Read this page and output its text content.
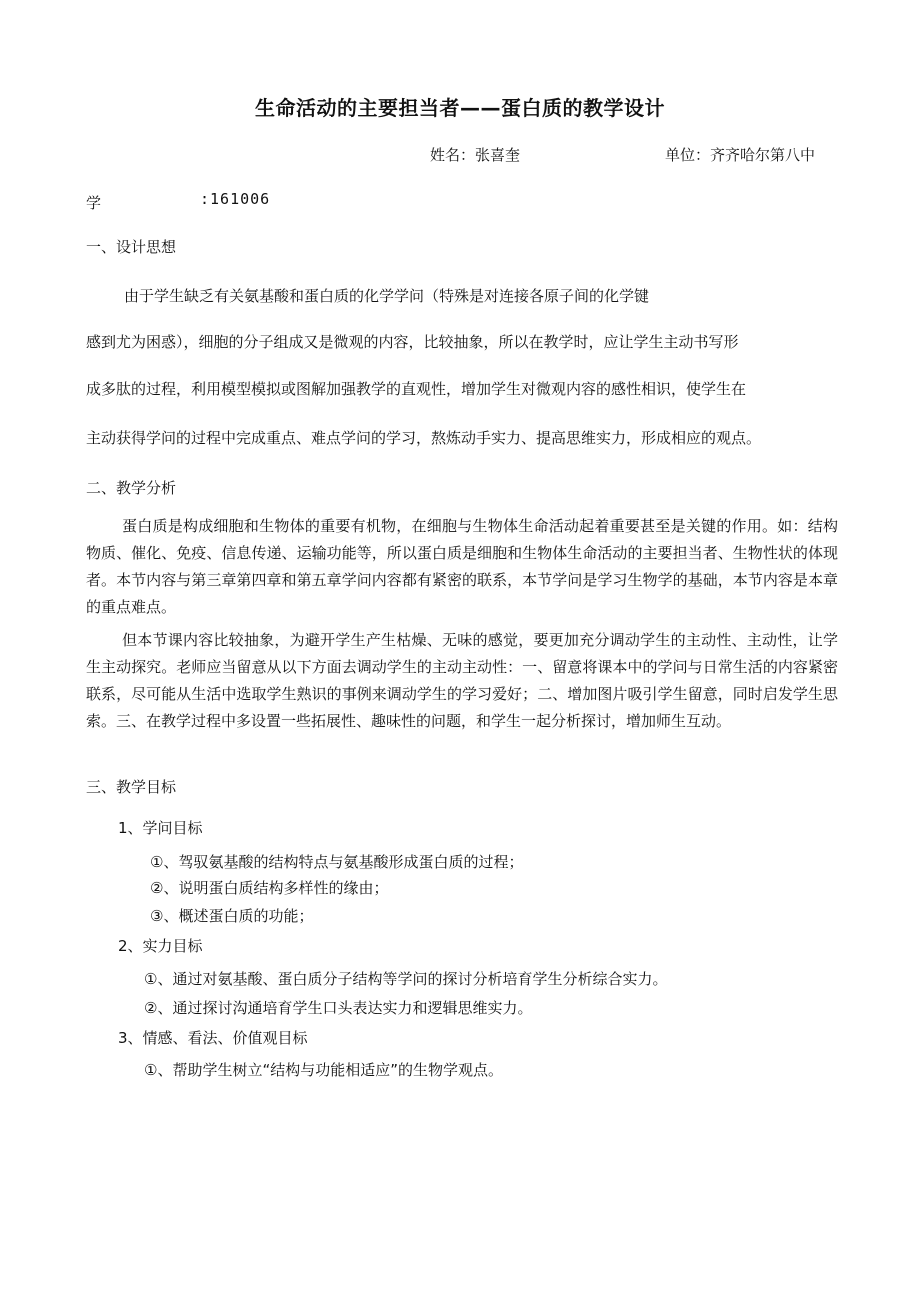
生命活动的主要担当者——蛋白质的教学设计
姓名：张喜奎	单位：齐齐哈尔第八中
学	:161006
一、设计思想
由于学生缺乏有关氨基酸和蛋白质的化学学问（特殊是对连接各原子间的化学键
感到尤为困惑），细胞的分子组成又是微观的内容，比较抽象，所以在教学时，应让学生主动书写形
成多肽的过程，利用模型模拟或图解加强教学的直观性，增加学生对微观内容的感性相识，使学生在
主动获得学问的过程中完成重点、难点学问的学习，熬炼动手实力、提高思维实力，形成相应的观点。
二、教学分析
蛋白质是构成细胞和生物体的重要有机物，在细胞与生物体生命活动起着重要甚至是关键的作用。如：结构物质、催化、免疫、信息传递、运输功能等，所以蛋白质是细胞和生物体生命活动的主要担当者、生物性状的体现者。本节内容与第三章第四章和第五章学问内容都有紧密的联系，本节学问是学习生物学的基础，本节内容是本章的重点难点。
但本节课内容比较抽象，为避开学生产生枯燥、无味的感觉，要更加充分调动学生的主动性、主动性，让学生主动探究。老师应当留意从以下方面去调动学生的主动主动性：一、留意将课本中的学问与日常生活的内容紧密联系，尽可能从生活中选取学生熟识的事例来调动学生的学习爱好；二、增加图片吸引学生留意，同时启发学生思索。三、在教学过程中多设置一些拓展性、趣味性的问题，和学生一起分析探讨，增加师生互动。
三、教学目标
1、学问目标
①、驾驭氨基酸的结构特点与氨基酸形成蛋白质的过程；
②、说明蛋白质结构多样性的缘由；
③、概述蛋白质的功能；
2、实力目标
①、通过对氨基酸、蛋白质分子结构等学问的探讨分析培育学生分析综合实力。
②、通过探讨沟通培育学生口头表达实力和逻辑思维实力。
3、情感、看法、价值观目标
①、帮助学生树立“结构与功能相适应”的生物学观点。
